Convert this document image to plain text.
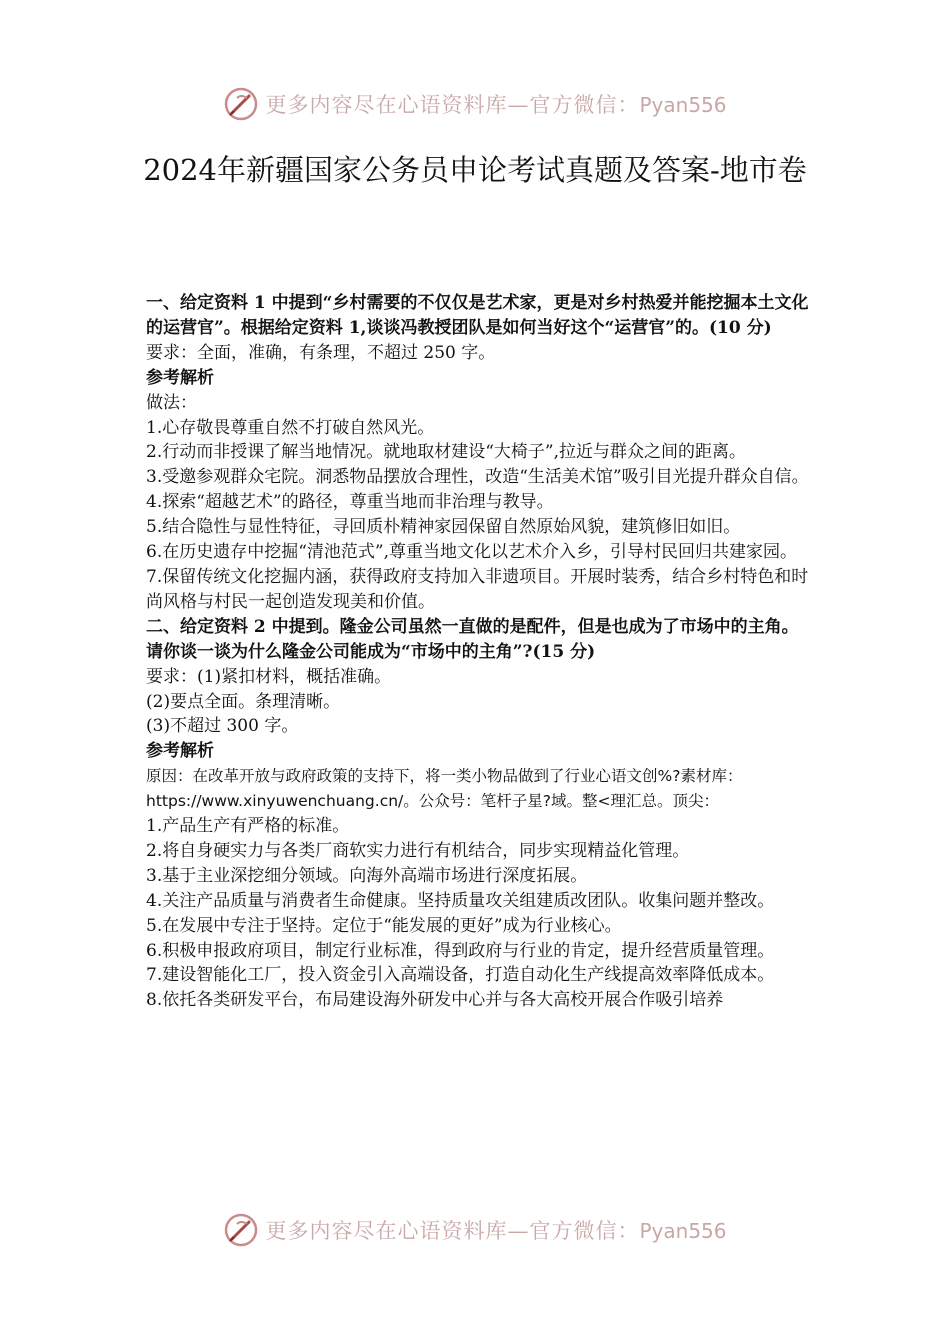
更多内容尽在心语资料库—官方微信：Pyan556
2024年新疆国家公务员申论考试真题及答案-地市卷

一、给定资料 1 中提到“乡村需要的不仅仅是艺术家，更是对乡村热爱并能挖掘本土文化的运营官”。根据给定资料 1,谈谈冯教授团队是如何当好这个“运营官”的。(10 分)

要求：全面，准确，有条理，不超过 250 字。

参考解析

做法：

1.心存敬畏尊重自然不打破自然风光。

2.行动而非授课了解当地情况。就地取材建设“大椅子”,拉近与群众之间的距离。

3.受邀参观群众宅院。洞悉物品摆放合理性，改造“生活美术馆”吸引目光提升群众自信。

4.探索“超越艺术”的路径，尊重当地而非治理与教导。

5.结合隐性与显性特征，寻回质朴精神家园保留自然原始风貌，建筑修旧如旧。

6.在历史遗存中挖掘“清池范式”,尊重当地文化以艺术介入乡，引导村民回归共建家园。

7.保留传统文化挖掘内涵，获得政府支持加入非遗项目。开展时装秀，结合乡村特色和时尚风格与村民一起创造发现美和价值。

二、给定资料 2 中提到。隆金公司虽然一直做的是配件，但是也成为了市场中的主角。请你谈一谈为什么隆金公司能成为“市场中的主角”?(15 分)

要求：(1)紧扣材料，概括准确。

(2)要点全面。条理清晰。

(3)不超过 300 字。

参考解析

原因：在改革开放与政府政策的支持下，将一类小物品做到了行业心语文创%?素材库：https://www.xinyuwenchuang.cn/。公众号：笔杆子星?域。整<理汇总。顶尖：

1.产品生产有严格的标准。

2.将自身硬实力与各类厂商软实力进行有机结合，同步实现精益化管理。

3.基于主业深挖细分领域。向海外高端市场进行深度拓展。

4.关注产品质量与消费者生命健康。坚持质量攻关组建质改团队。收集问题并整改。

5.在发展中专注于坚持。定位于“能发展的更好”成为行业核心。

6.积极申报政府项目，制定行业标准，得到政府与行业的肯定，提升经营质量管理。

7.建设智能化工厂，投入资金引入高端设备，打造自动化生产线提高效率降低成本。

8.依托各类研发平台，布局建设海外研发中心并与各大高校开展合作吸引培养

更多内容尽在心语资料库—官方微信：Pyan556
